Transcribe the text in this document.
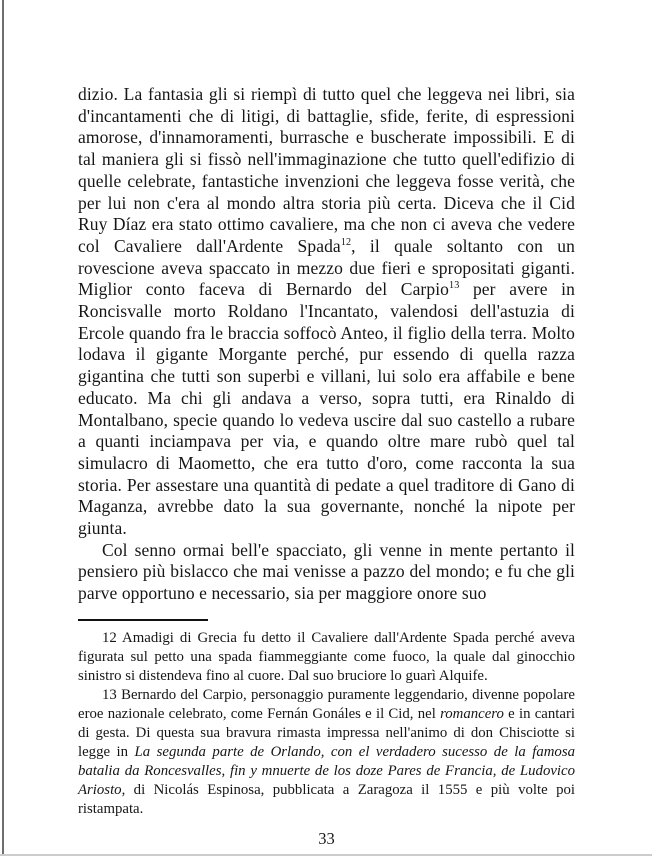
dizio. La fantasia gli si riempì di tutto quel che leggeva nei libri, sia d'incantamenti che di litigi, di battaglie, sfide, ferite, di espressioni amorose, d'innamoramenti, burrasche e buscherate impossibili. E di tal maniera gli si fissò nell'immaginazione che tutto quell'edifizio di quelle celebrate, fantastiche invenzioni che leggeva fosse verità, che per lui non c'era al mondo altra storia più certa. Diceva che il Cid Ruy Díaz era stato ottimo cavaliere, ma che non ci aveva che vedere col Cavaliere dall'Ardente Spada$^{12}$, il quale soltanto con un rovescione aveva spaccato in mezzo due fieri e spropositati giganti. Miglior conto faceva di Bernardo del Carpio$^{13}$ per avere in Roncisvalle morto Roldano l'Incantato, valendosi dell'astuzia di Ercole quando fra le braccia soffocò Anteo, il figlio della terra. Molto lodava il gigante Morgante perché, pur essendo di quella razza gigantina che tutti son superbi e villani, lui solo era affabile e bene educato. Ma chi gli andava a verso, sopra tutti, era Rinaldo di Montalbano, specie quando lo vedeva uscire dal suo castello a rubare a quanti inciampava per via, e quando oltre mare rubò quel tal simulacro di Maometto, che era tutto d'oro, come racconta la sua storia. Per assestare una quantità di pedate a quel traditore di Gano di Maganza, avrebbe dato la sua governante, nonché la nipote per giunta.

Col senno ormai bell'e spacciato, gli venne in mente pertanto il pensiero più bislacco che mai venisse a pazzo del mondo; e fu che gli parve opportuno e necessario, sia per maggiore onore suo

12 Amadigi di Grecia fu detto il Cavaliere dall'Ardente Spada perché aveva figurata sul petto una spada fiammeggiante come fuoco, la quale dal ginocchio sinistro si distendeva fino al cuore. Dal suo bruciore lo guarì Alquife.

13 Bernardo del Carpio, personaggio puramente leggendario, divenne popolare eroe nazionale celebrato, come Fernán Gonáles e il Cid, nel romancero e in cantari di gesta. Di questa sua bravura rimasta impressa nell'animo di don Chisciotte si legge in La segunda parte de Orlando, con el verdadero sucesso de la famosa batalia da Roncesvalles, fin y mnuerte de los doze Pares de Francia, de Ludovico Ariosto, di Nicolás Espinosa, pubblicata a Zaragoza il 1555 e più volte poi ristampata.

33
